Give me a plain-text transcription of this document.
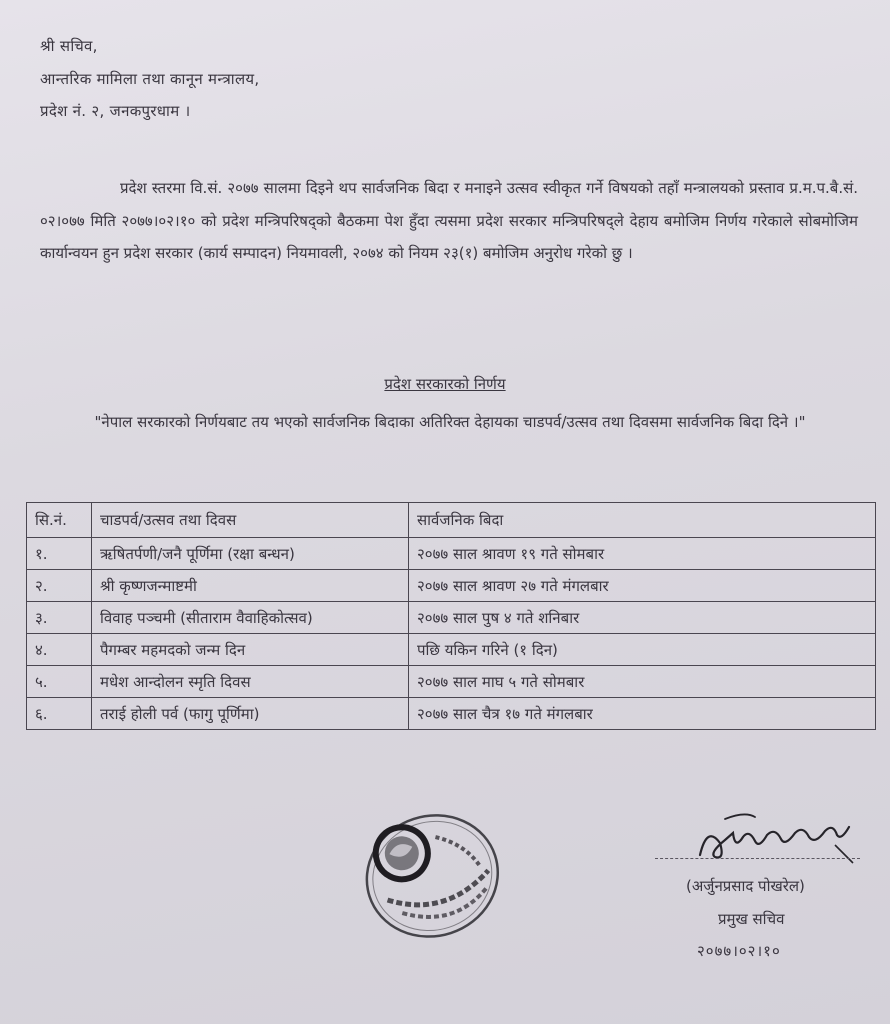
श्री सचिव,
आन्तरिक मामिला तथा कानून मन्त्रालय,
प्रदेश नं. २, जनकपुरधाम ।
प्रदेश स्तरमा वि.सं. २०७७ सालमा दिइने थप सार्वजनिक बिदा र मनाइने उत्सव स्वीकृत गर्ने विषयको तहाँ मन्त्रालयको प्रस्ताव प्र.म.प.बै.सं. ०२।०७७ मिति २०७७।०२।१० को प्रदेश मन्त्रिपरिषद्को बैठकमा पेश हुँदा त्यसमा प्रदेश सरकार मन्त्रिपरिषद्ले देहाय बमोजिम निर्णय गरेकाले सोबमोजिम कार्यान्वयन हुन प्रदेश सरकार (कार्य सम्पादन) नियमावली, २०७४ को नियम २३(१) बमोजिम अनुरोध गरेको छु ।
प्रदेश सरकारको निर्णय
"नेपाल सरकारको निर्णयबाट तय भएको सार्वजनिक बिदाका अतिरिक्त देहायका चाडपर्व/उत्सव तथा दिवसमा सार्वजनिक बिदा दिने ।"
सि.नं.	चाडपर्व/उत्सव तथा दिवस	सार्वजनिक बिदा
१.	ऋषितर्पणी/जनै पूर्णिमा (रक्षा बन्धन)	२०७७ साल श्रावण १९ गते सोमबार
२.	श्री कृष्णजन्माष्टमी	२०७७ साल श्रावण २७ गते मंगलबार
३.	विवाह पञ्चमी (सीताराम वैवाहिकोत्सव)	२०७७ साल पुष ४ गते शनिबार
४.	पैगम्बर महमदको जन्म दिन	पछि यकिन गरिने (१ दिन)
५.	मधेश आन्दोलन स्मृति दिवस	२०७७ साल माघ ५ गते सोमबार
६.	तराई होली पर्व (फागु पूर्णिमा)	२०७७ साल चैत्र १७ गते मंगलबार
(अर्जुनप्रसाद पोखरेल)
प्रमुख सचिव
२०७७।०२।१०
